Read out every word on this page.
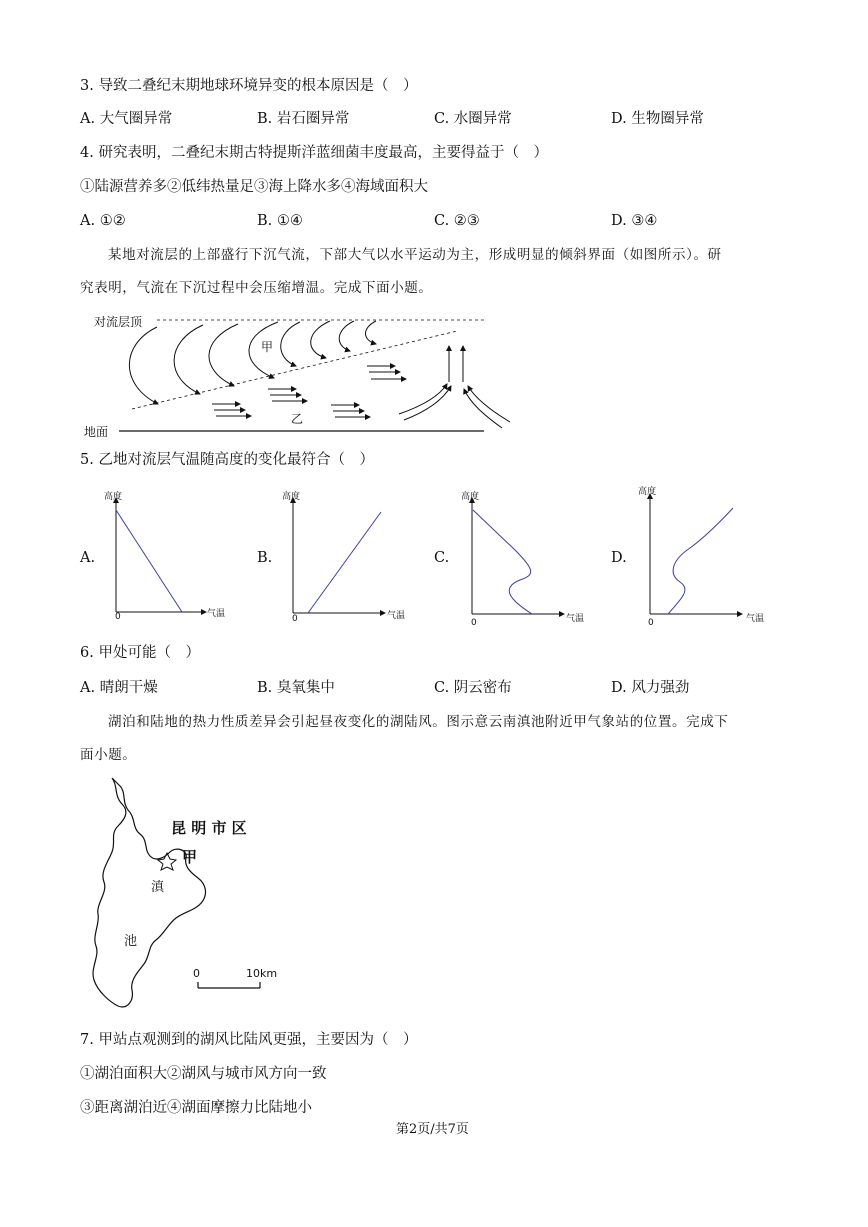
3. 导致二叠纪末期地球环境异变的根本原因是（　）
A. 大气圈异常	B. 岩石圈异常	C. 水圈异常	D. 生物圈异常
4. 研究表明，二叠纪末期古特提斯洋蓝细菌丰度最高，主要得益于（　）
①陆源营养多②低纬热量足③海上降水多④海域面积大
A. ①②	B. ①④	C. ②③	D. ③④
某地对流层的上部盛行下沉气流，下部大气以水平运动为主，形成明显的倾斜界面（如图所示）。研
究表明，气流在下沉过程中会压缩增温。完成下面小题。
对流层顶
地面
甲
乙
5. 乙地对流层气温随高度的变化最符合（　）
A.
高度
气温
0
B.
高度
气温
0
C.
高度
气温
0
D.
高度
气温
0
6. 甲处可能（　）
A. 晴朗干燥	B. 臭氧集中	C. 阴云密布	D. 风力强劲
湖泊和陆地的热力性质差异会引起昼夜变化的湖陆风。图示意云南滇池附近甲气象站的位置。完成下
面小题。
昆 明 市 区
甲
滇
池
0	10km
7. 甲站点观测到的湖风比陆风更强，主要因为（　）
①湖泊面积大②湖风与城市风方向一致
③距离湖泊近④湖面摩擦力比陆地小
第2页/共7页
